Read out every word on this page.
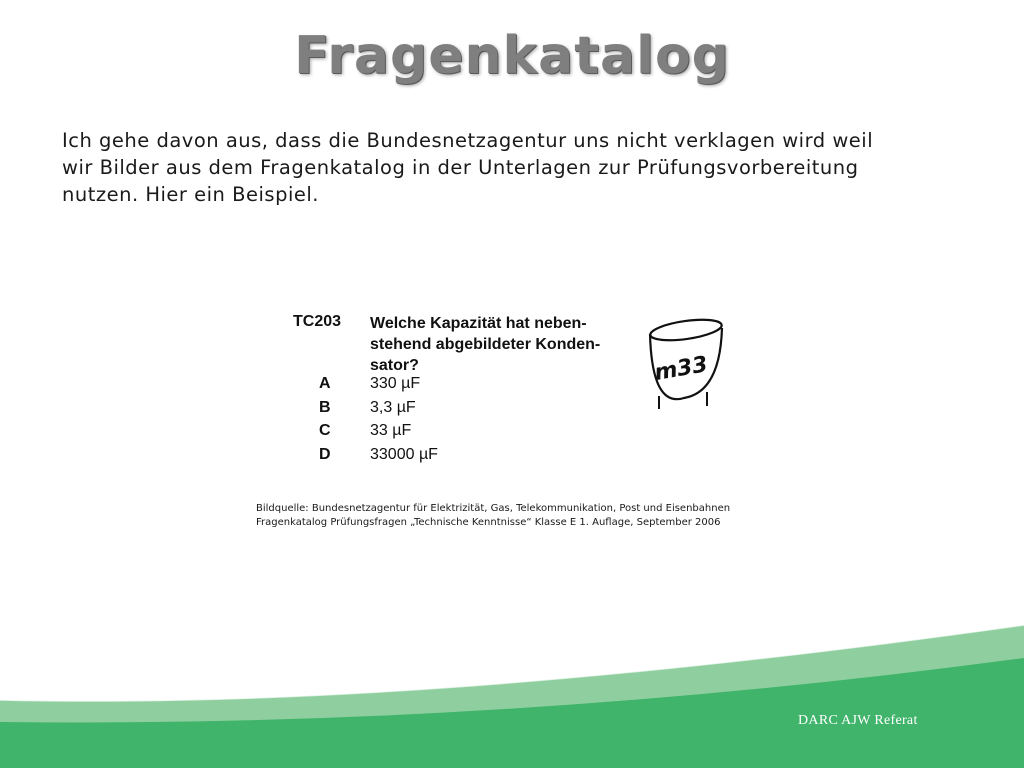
Fragenkatalog
Ich gehe davon aus, dass die Bundesnetzagentur uns nicht verklagen wird weil
wir Bilder aus dem Fragenkatalog in der Unterlagen zur Prüfungsvorbereitung
nutzen. Hier ein Beispiel.
TC203 Welche Kapazität hat neben-
stehend abgebildeter Konden-
sator?
A 330 µF
B 3,3 µF
C 33 µF
D 33000 µF
m33
Bildquelle: Bundesnetzagentur für Elektrizität, Gas, Telekommunikation, Post und Eisenbahnen
Fragenkatalog Prüfungsfragen „Technische Kenntnisse“ Klasse E 1. Auflage, September 2006
DARC AJW Referat
